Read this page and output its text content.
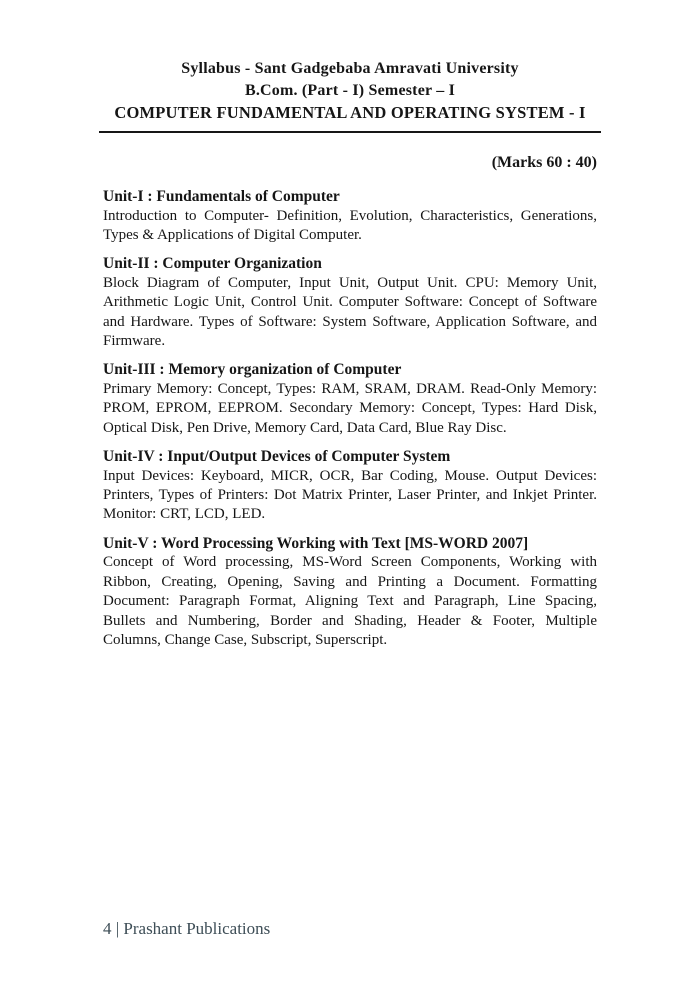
Syllabus - Sant Gadgebaba Amravati University
B.Com. (Part - I) Semester – I
COMPUTER FUNDAMENTAL AND OPERATING SYSTEM - I
(Marks 60 : 40)
Unit-I : Fundamentals of Computer

Introduction to Computer- Definition, Evolution, Characteristics, Generations, Types & Applications of Digital Computer.

Unit-II : Computer Organization

Block Diagram of Computer, Input Unit, Output Unit. CPU: Memory Unit, Arithmetic Logic Unit, Control Unit. Computer Software: Concept of Software and Hardware. Types of Software: System Software, Application Software, and Firmware.

Unit-III : Memory organization of Computer

Primary Memory: Concept, Types: RAM, SRAM, DRAM. Read-Only Memory: PROM, EPROM, EEPROM. Secondary Memory: Concept, Types: Hard Disk, Optical Disk, Pen Drive, Memory Card, Data Card, Blue Ray Disc.

Unit-IV : Input/Output Devices of Computer System

Input Devices: Keyboard, MICR, OCR, Bar Coding, Mouse. Output Devices: Printers, Types of Printers: Dot Matrix Printer, Laser Printer, and Inkjet Printer. Monitor: CRT, LCD, LED.

Unit-V : Word Processing Working with Text [MS-WORD 2007]

Concept of Word processing, MS-Word Screen Components, Working with Ribbon, Creating, Opening, Saving and Printing a Document. Formatting Document: Paragraph Format, Aligning Text and Paragraph, Line Spacing, Bullets and Numbering, Border and Shading, Header & Footer, Multiple Columns, Change Case, Subscript, Superscript.

4 | Prashant Publications
